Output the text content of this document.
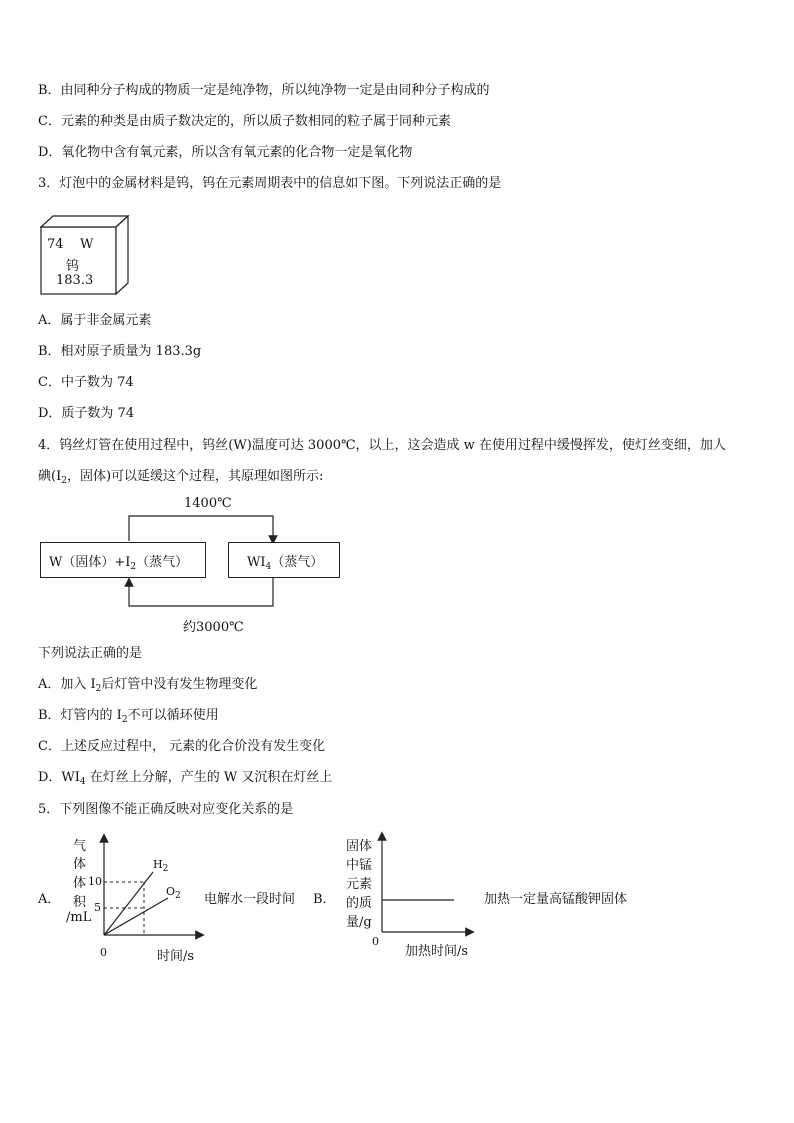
B．由同种分子构成的物质一定是纯净物，所以纯净物一定是由同种分子构成的
C．元素的种类是由质子数决定的，所以质子数相同的粒子属于同种元素
D．氧化物中含有氧元素，所以含有氧元素的化合物一定是氧化物
3．灯泡中的金属材料是钨，钨在元素周期表中的信息如下图。下列说法正确的是
74 W
钨
183.3
A．属于非金属元素
B．相对原子质量为 183.3g
C．中子数为 74
D．质子数为 74
4．钨丝灯管在使用过程中，钨丝(W)温度可达 3000℃，以上，这会造成 w 在使用过程中缓慢挥发，使灯丝变细，加人
碘($I_2$，固体)可以延缓这个过程，其原理如图所示:
W（固体）$+I_2$（蒸气）	$WI_4$（蒸气）
1400℃
约3000℃
下列说法正确的是
A．加入 $I_2$后灯管中没有发生物理变化
B．灯管内的 $I_2$不可以循环使用
C．上述反应过程中， 元素的化合价没有发生变化
D．$WI_4$ 在灯丝上分解，产生的 W 又沉积在灯丝上
5．下列图像不能正确反映对应变化关系的是
A．
气
体
体
积
/mL
10
5
0	时间/s
$H_2$
$O_2$ 电解水一段时间 B．
固体
中锰
元素
的质
量/g
0
加热时间/s
加热一定量高锰酸钾固体
